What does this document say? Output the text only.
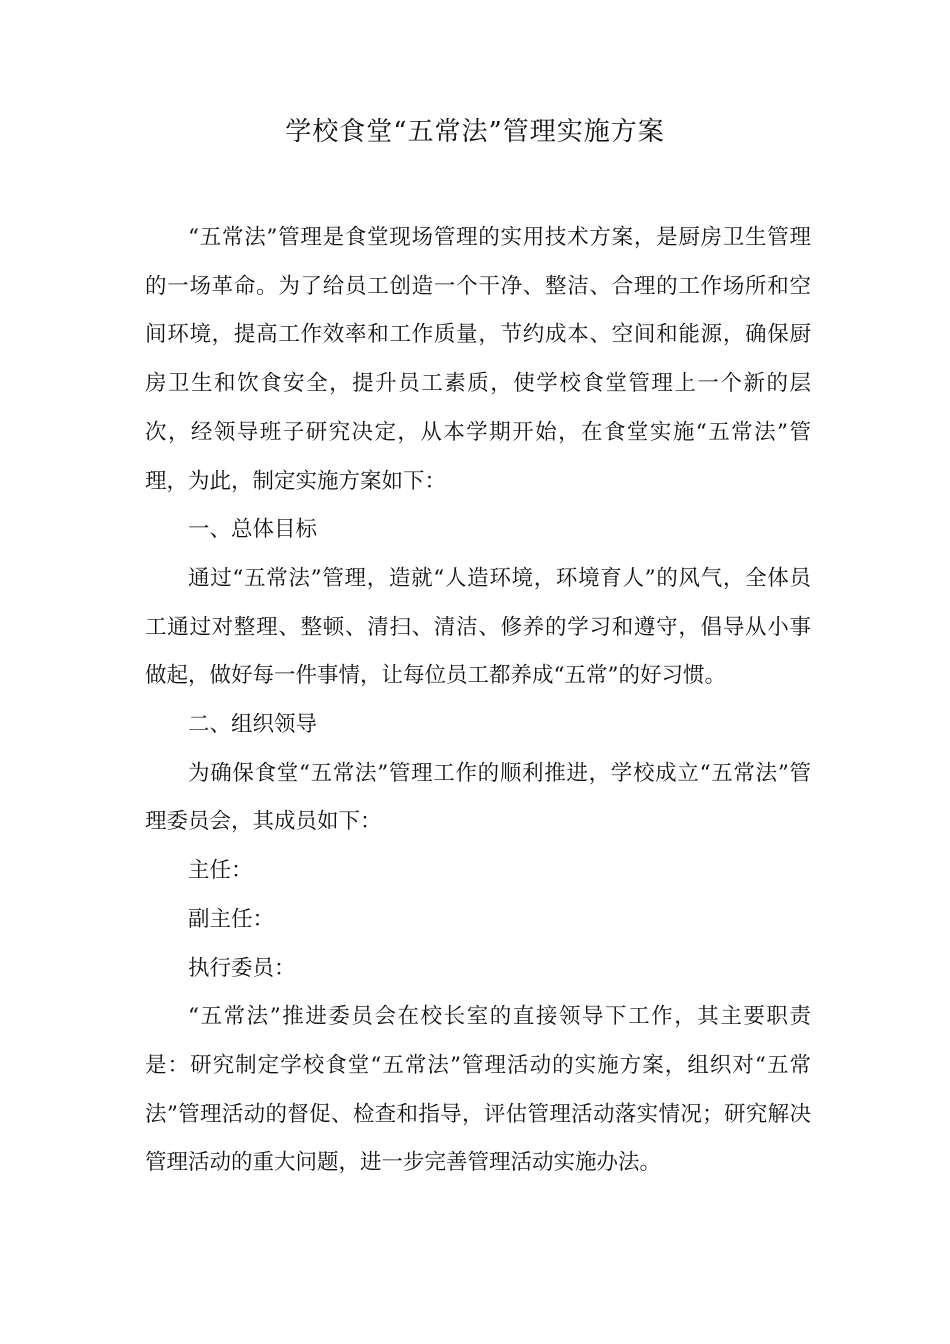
学校食堂“五常法”管理实施方案

“五常法”管理是食堂现场管理的实用技术方案，是厨房卫生管理的一场革命。为了给员工创造一个干净、整洁、合理的工作场所和空间环境，提高工作效率和工作质量，节约成本、空间和能源，确保厨房卫生和饮食安全，提升员工素质，使学校食堂管理上一个新的层次，经领导班子研究决定，从本学期开始，在食堂实施“五常法”管理，为此，制定实施方案如下：

一、总体目标

通过“五常法”管理，造就“人造环境，环境育人”的风气，全体员工通过对整理、整顿、清扫、清洁、修养的学习和遵守，倡导从小事做起，做好每一件事情，让每位员工都养成“五常”的好习惯。

二、组织领导

为确保食堂“五常法”管理工作的顺利推进，学校成立“五常法”管理委员会，其成员如下：

主任：

副主任：

执行委员：

“五常法”推进委员会在校长室的直接领导下工作，其主要职责是：研究制定学校食堂“五常法”管理活动的实施方案，组织对“五常法”管理活动的督促、检查和指导，评估管理活动落实情况；研究解决管理活动的重大问题，进一步完善管理活动实施办法。
